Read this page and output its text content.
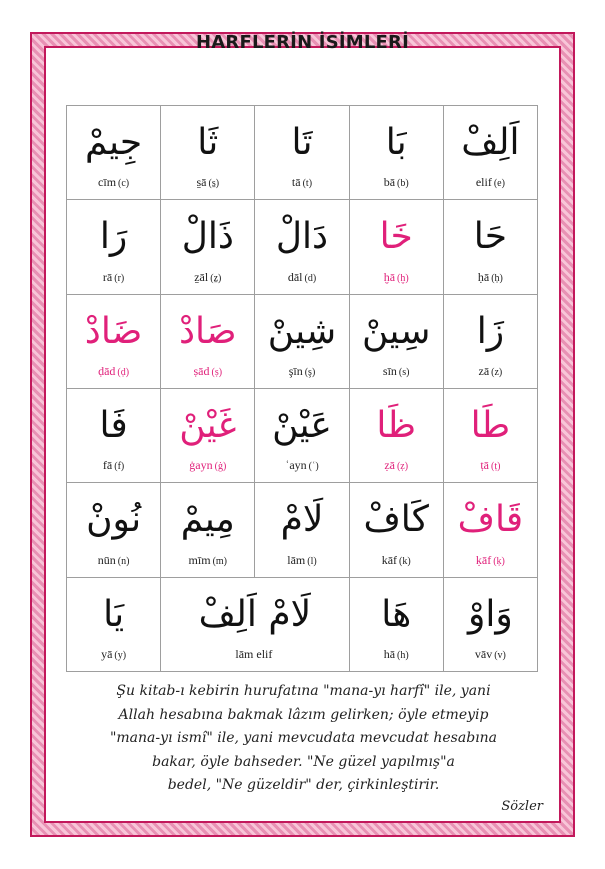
HARFLERİN İSİMLERİ
جِيمْ
cīm (c)
ثَا
s̱ā (s̱)
تَا
tā (t)
بَا
bā (b)
اَلِفْ
elif (e)
رَا
rā (r)
ذَالْ
ẕāl (ẕ)
دَالْ
dāl (d)
خَا
ḫā (ḫ)
حَا
ḥā (ḥ)
ضَادْ
ḍād (ḍ)
صَادْ
ṣād (ṣ)
شِينْ
şīn (ş)
سِينْ
sīn (s)
زَا
zā (z)
فَا
fā (f)
غَيْنْ
ġayn (ġ)
عَيْنْ
ʿayn (ʿ)
ظَا
ẓā (ẓ)
طَا
ṭā (ṭ)
نُونْ
nūn (n)
مِيمْ
mīm (m)
لَامْ
lām (l)
كَافْ
kāf (k)
قَافْ
ḳāf (ḳ)
يَا
yā (y)
لَامْ اَلِفْ
lām elif
هَا
hā (h)
وَاوْ
vāv (v)
Şu kitab-ı kebirin hurufatına "mana-yı harfî" ile, yani
Allah hesabına bakmak lâzım gelirken; öyle etmeyip
"mana-yı ismî" ile, yani mevcudata mevcudat hesabına
bakar, öyle bahseder. "Ne güzel yapılmış"a
bedel, "Ne güzeldir" der, çirkinleştirir.
Sözler
